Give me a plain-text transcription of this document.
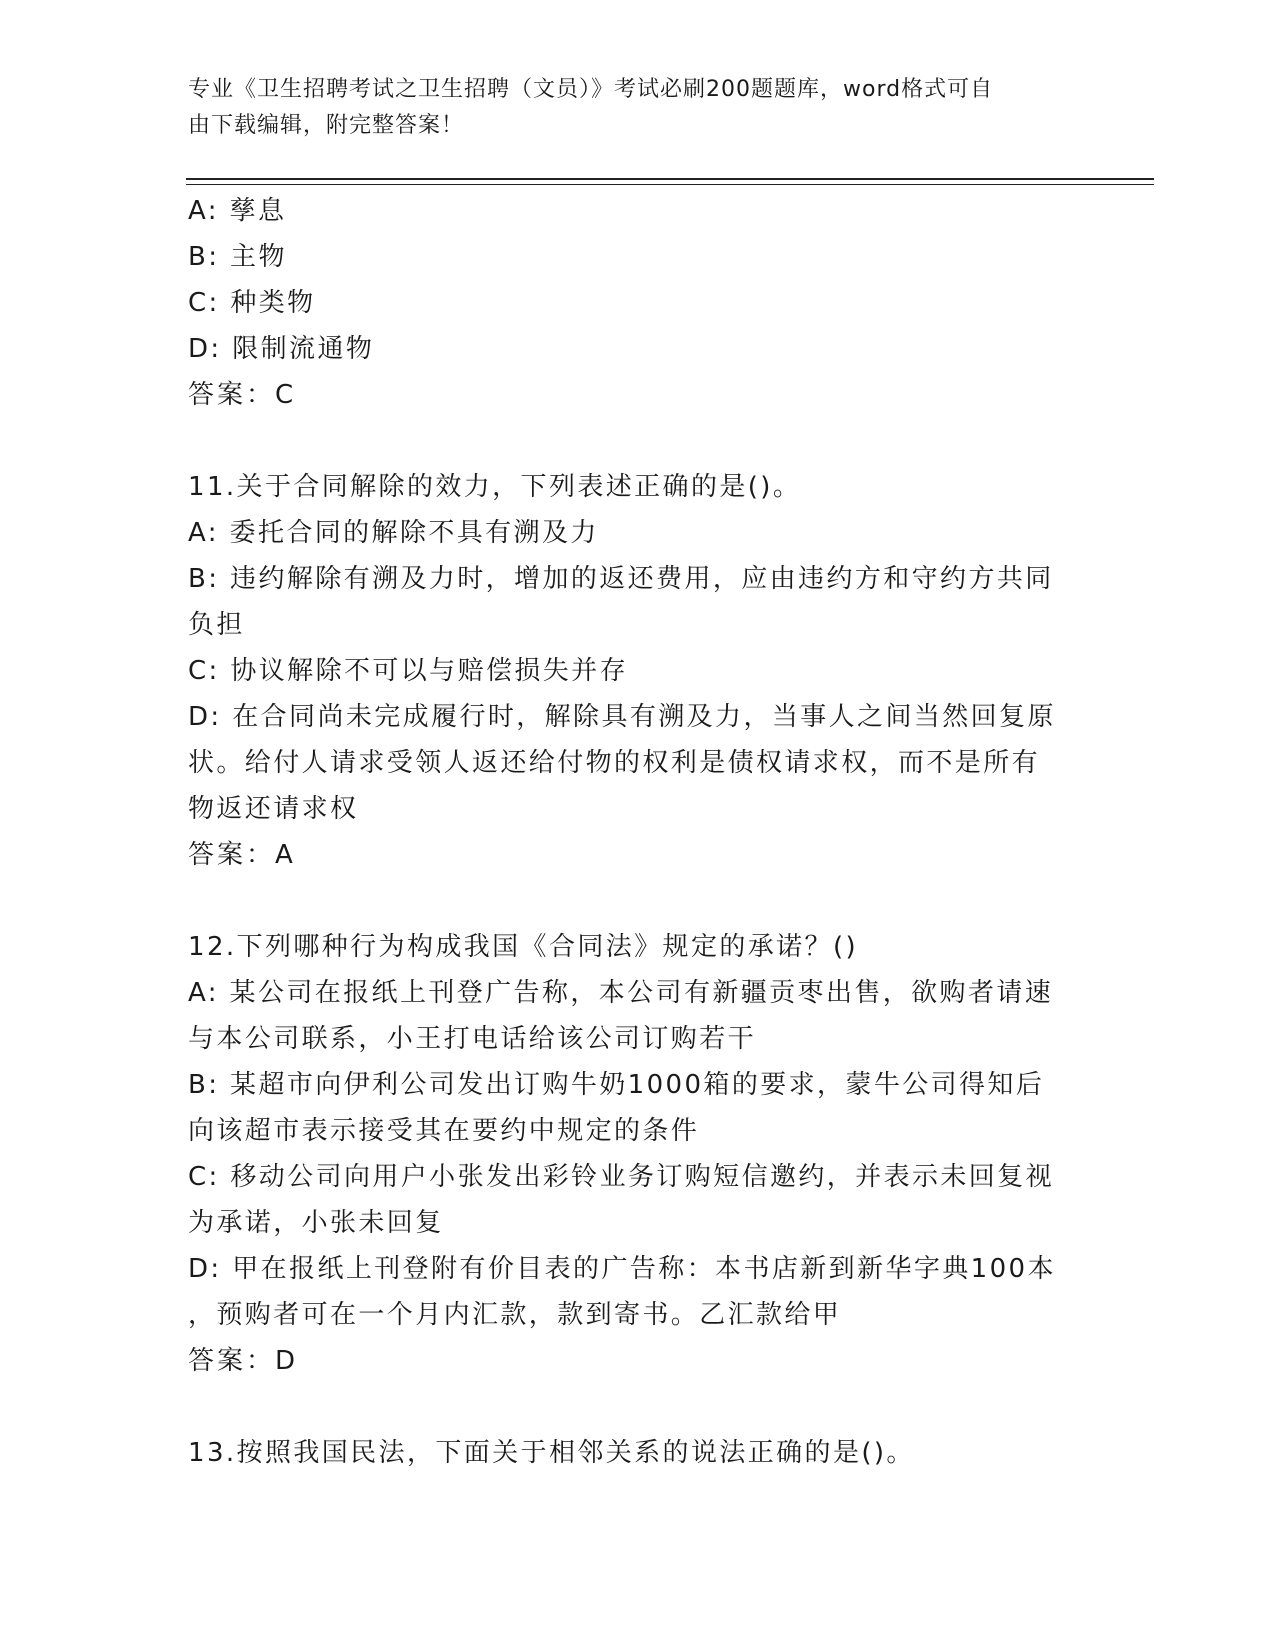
专业《卫生招聘考试之卫生招聘（文员）》考试必刷200题题库，word格式可自
由下载编辑，附完整答案！

A: 孳息

B: 主物

C: 种类物

D: 限制流通物

答案：C

11.关于合同解除的效力，下列表述正确的是()。

A: 委托合同的解除不具有溯及力

B: 违约解除有溯及力时，增加的返还费用，应由违约方和守约方共同

负担

C: 协议解除不可以与赔偿损失并存

D: 在合同尚未完成履行时，解除具有溯及力，当事人之间当然回复原

状。给付人请求受领人返还给付物的权利是债权请求权，而不是所有

物返还请求权

答案：A

12.下列哪种行为构成我国《合同法》规定的承诺？()

A: 某公司在报纸上刊登广告称，本公司有新疆贡枣出售，欲购者请速

与本公司联系，小王打电话给该公司订购若干

B: 某超市向伊利公司发出订购牛奶1000箱的要求，蒙牛公司得知后

向该超市表示接受其在要约中规定的条件

C: 移动公司向用户小张发出彩铃业务订购短信邀约，并表示未回复视

为承诺，小张未回复

D: 甲在报纸上刊登附有价目表的广告称：本书店新到新华字典100本

，预购者可在一个月内汇款，款到寄书。乙汇款给甲

答案：D

13.按照我国民法，下面关于相邻关系的说法正确的是()。
